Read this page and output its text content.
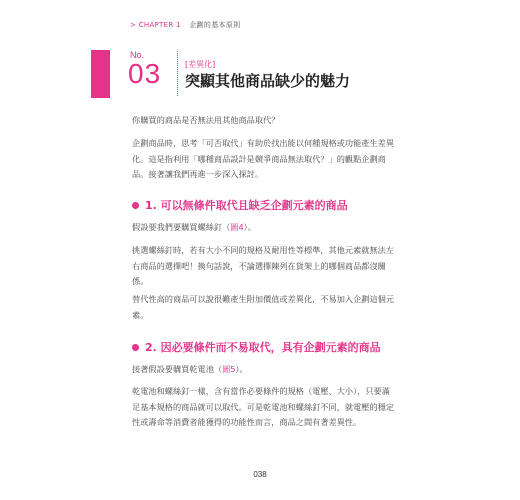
> CHAPTER 1 企劃的基本原則
No.
03	[差異化]
突顯其他商品缺少的魅力
你購買的商品是否無法用其他商品取代？
企劃商品時，思考「可否取代」有助於找出能以何種規格或功能產生差異化。這是指利用「哪種商品設計是競爭商品無法取代？」的觀點企劃商品。接著讓我們再進一步深入探討。
1. 可以無條件取代且缺乏企劃元素的商品
假設要我們要購買螺絲釘（圖4）。
挑選螺絲釘時，若有大小不同的規格及耐用性等標準，其他元素就無法左右商品的選擇吧！換句話說，不論選擇陳列在貨架上的哪個商品都沒關係。
替代性高的商品可以說很難產生附加價值或差異化，不易加入企劃這個元素。
2. 因必要條件而不易取代，具有企劃元素的商品
接著假設要購買乾電池（圖5）。
乾電池和螺絲釘一樣，含有當作必要條件的規格（電壓、大小），只要滿足基本規格的商品就可以取代。可是乾電池和螺絲釘不同，就電壓的穩定性或壽命等消費者能獲得的功能性而言，商品之間有著差異性。
038
